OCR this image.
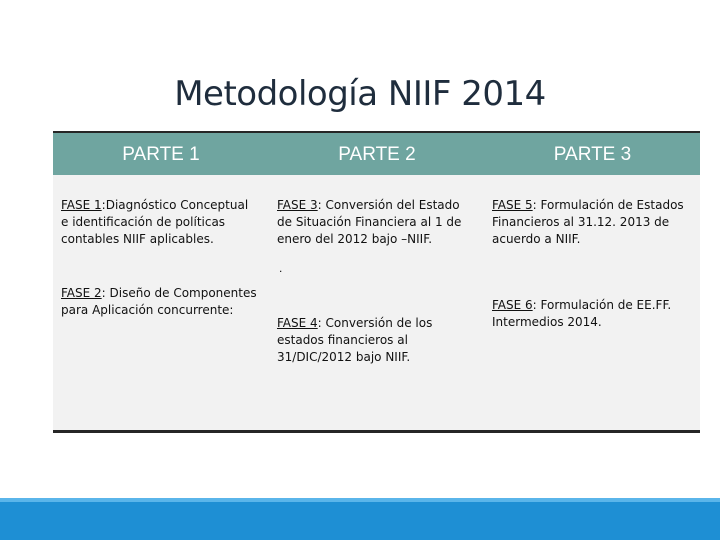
Metodología NIIF 2014
PARTE 1	PARTE 2	PARTE 3
FASE 1:Diagnóstico Conceptual e identificación de políticas contables NIIF aplicables.
FASE 2: Diseño de Componentes para Aplicación concurrente:
FASE 3: Conversión del Estado de Situación Financiera al 1 de enero del 2012 bajo –NIIF.
.
FASE 4: Conversión de los estados financieros al 31/DIC/2012 bajo NIIF.
FASE 5: Formulación de Estados Financieros al 31.12. 2013 de acuerdo a NIIF.
FASE 6: Formulación de EE.FF. Intermedios 2014.
